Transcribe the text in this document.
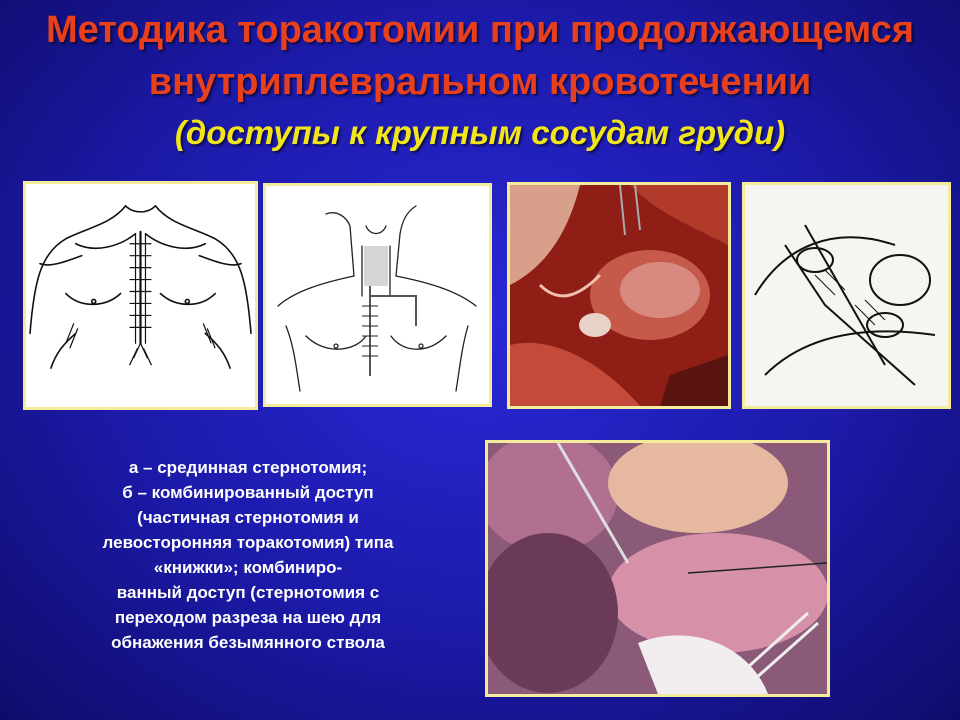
Методика торакотомии при продолжающемся
внутриплевральном кровотечении
(доступы к крупным сосудам груди)
а – срединная стернотомия;
б – комбинированный доступ
(частичная стернотомия и
левосторонняя торакотомия) типа
«книжки»; комбиниро-
ванный доступ (стернотомия с
переходом разреза на шею для
обнажения безымянного ствола
